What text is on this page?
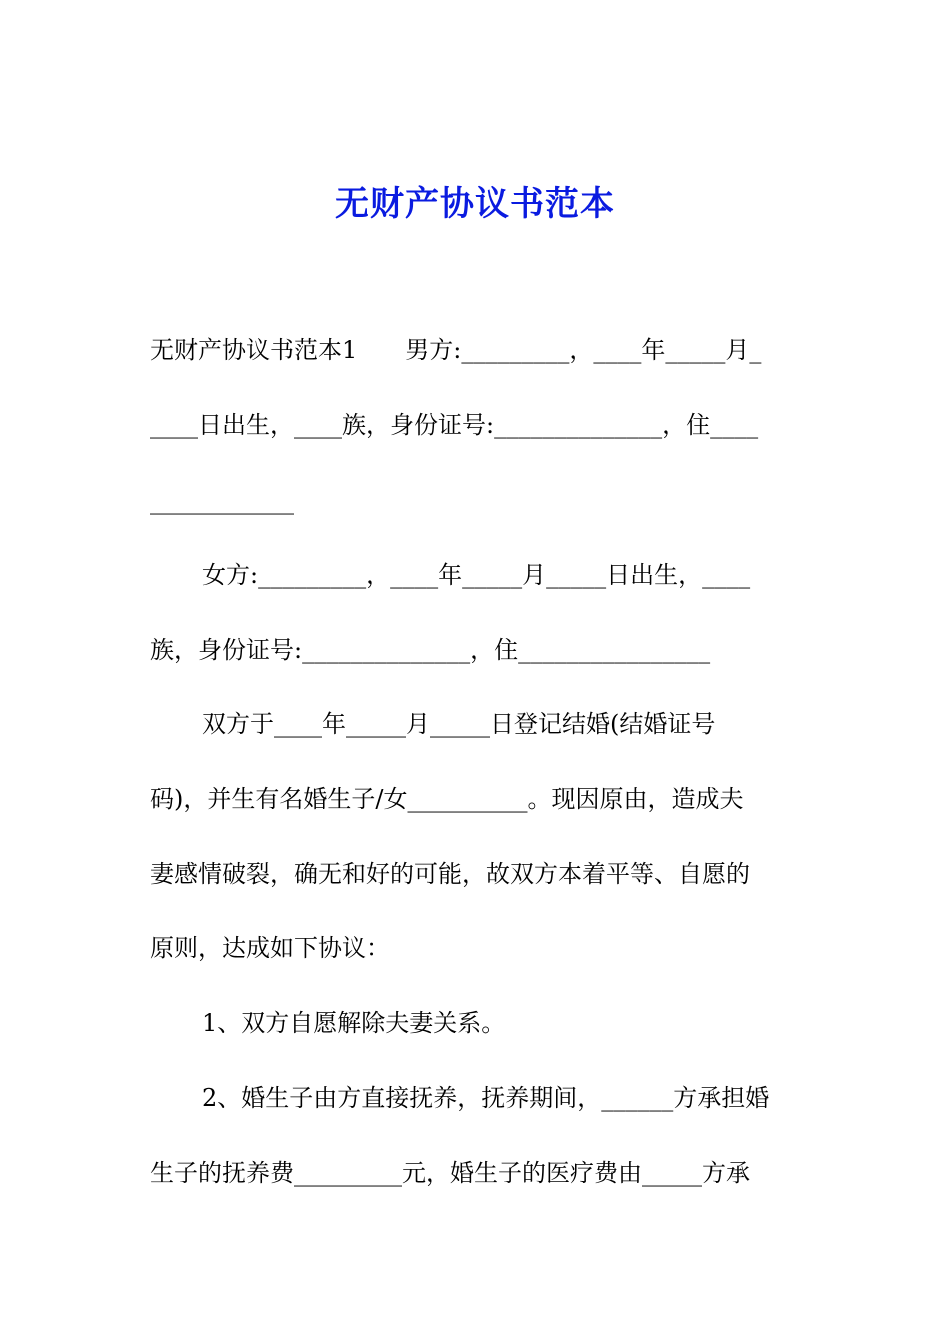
无财产协议书范本

无财产协议书范本1　　男方:_________，____年_____月_

____日出生，____族，身份证号:______________，住____

____________

女方:_________，____年_____月_____日出生，____

族，身份证号:______________，住________________

双方于____年_____月_____日登记结婚(结婚证号

码)，并生有名婚生子/女__________。现因原由，造成夫

妻感情破裂，确无和好的可能，故双方本着平等、自愿的

原则，达成如下协议：

1、双方自愿解除夫妻关系。

2、婚生子由方直接抚养，抚养期间，______方承担婚

生子的抚养费_________元，婚生子的医疗费由_____方承
